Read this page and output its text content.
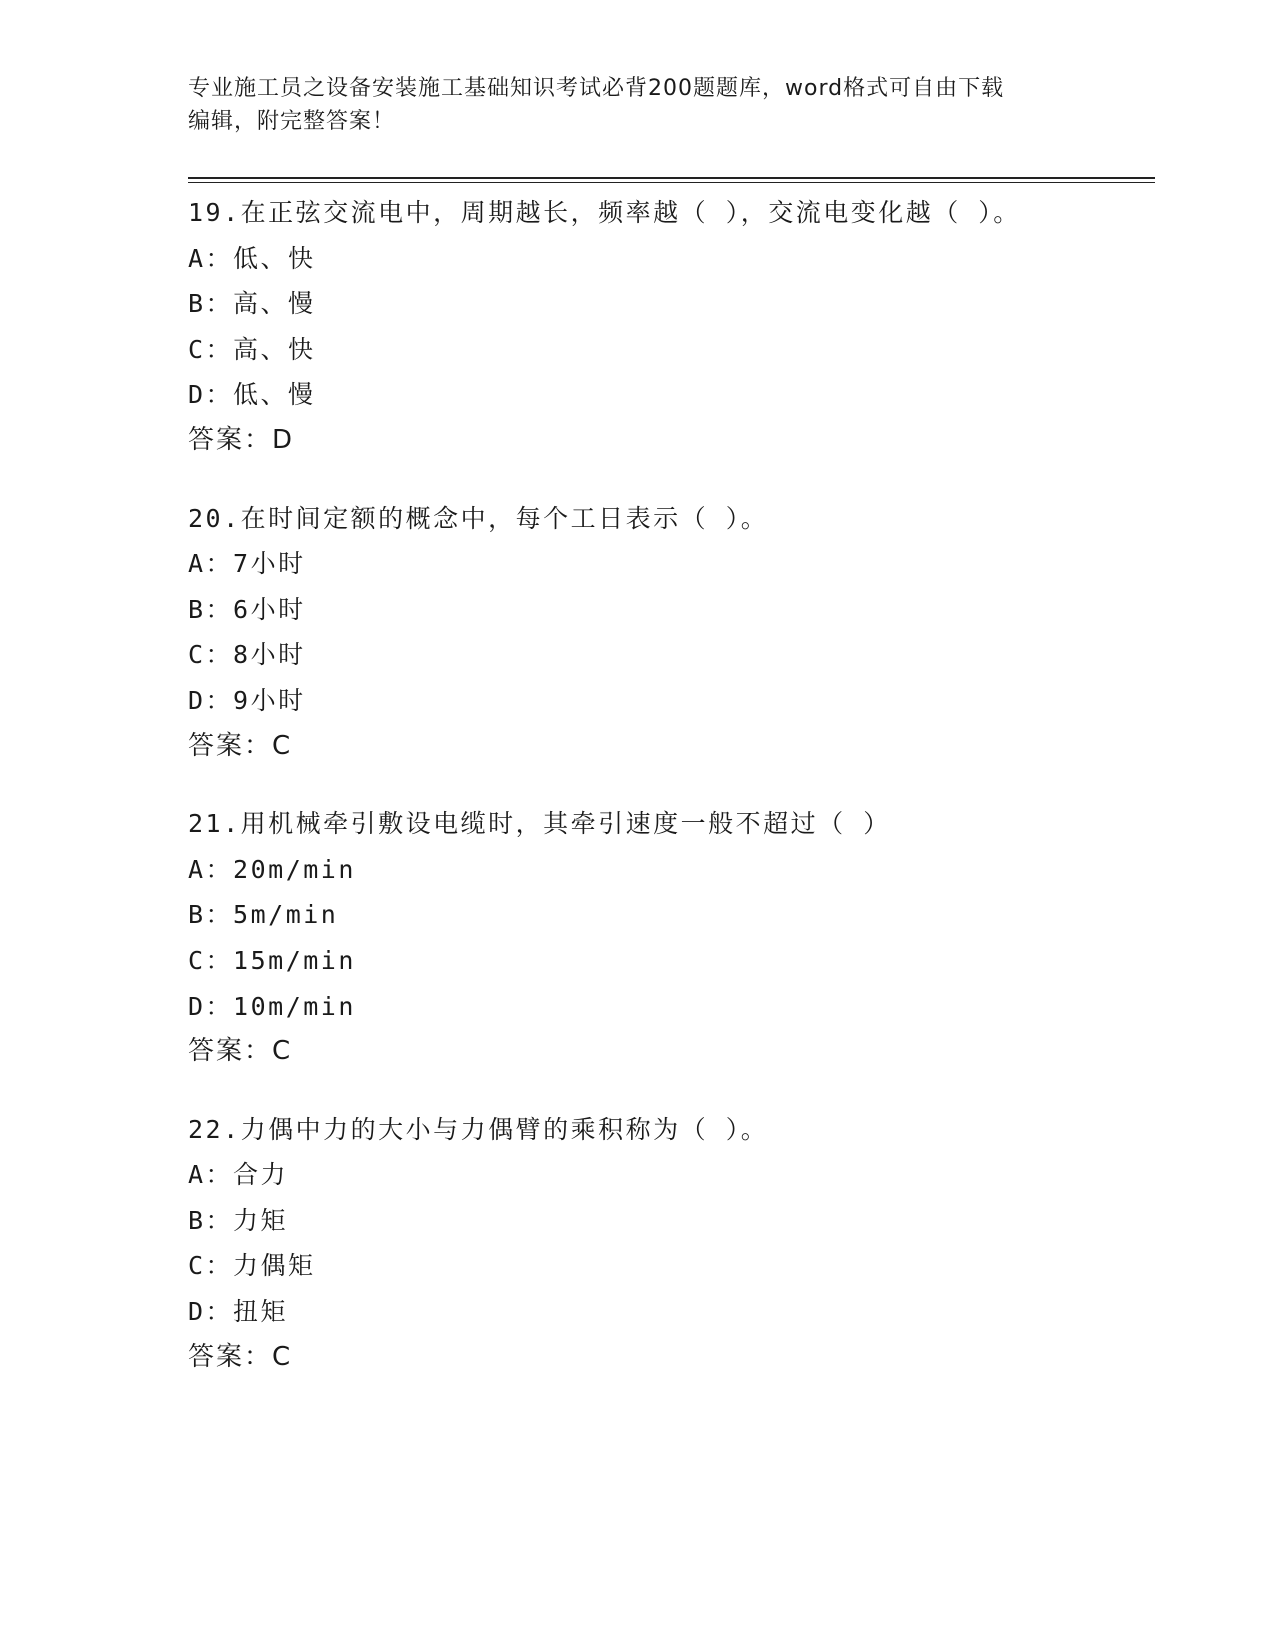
专业施工员之设备安装施工基础知识考试必背200题题库，word格式可自由下载
编辑，附完整答案！
19.在正弦交流电中，周期越长，频率越（ ），交流电变化越（ ）。
A：低、快
B：高、慢
C：高、快
D：低、慢
答案：D
20.在时间定额的概念中，每个工日表示（ ）。
A：7小时
B：6小时
C：8小时
D：9小时
答案：C
21.用机械牵引敷设电缆时，其牵引速度一般不超过（ ）
A：20m/min
B：5m/min
C：15m/min
D：10m/min
答案：C
22.力偶中力的大小与力偶臂的乘积称为（ ）。
A：合力
B：力矩
C：力偶矩
D：扭矩
答案：C
